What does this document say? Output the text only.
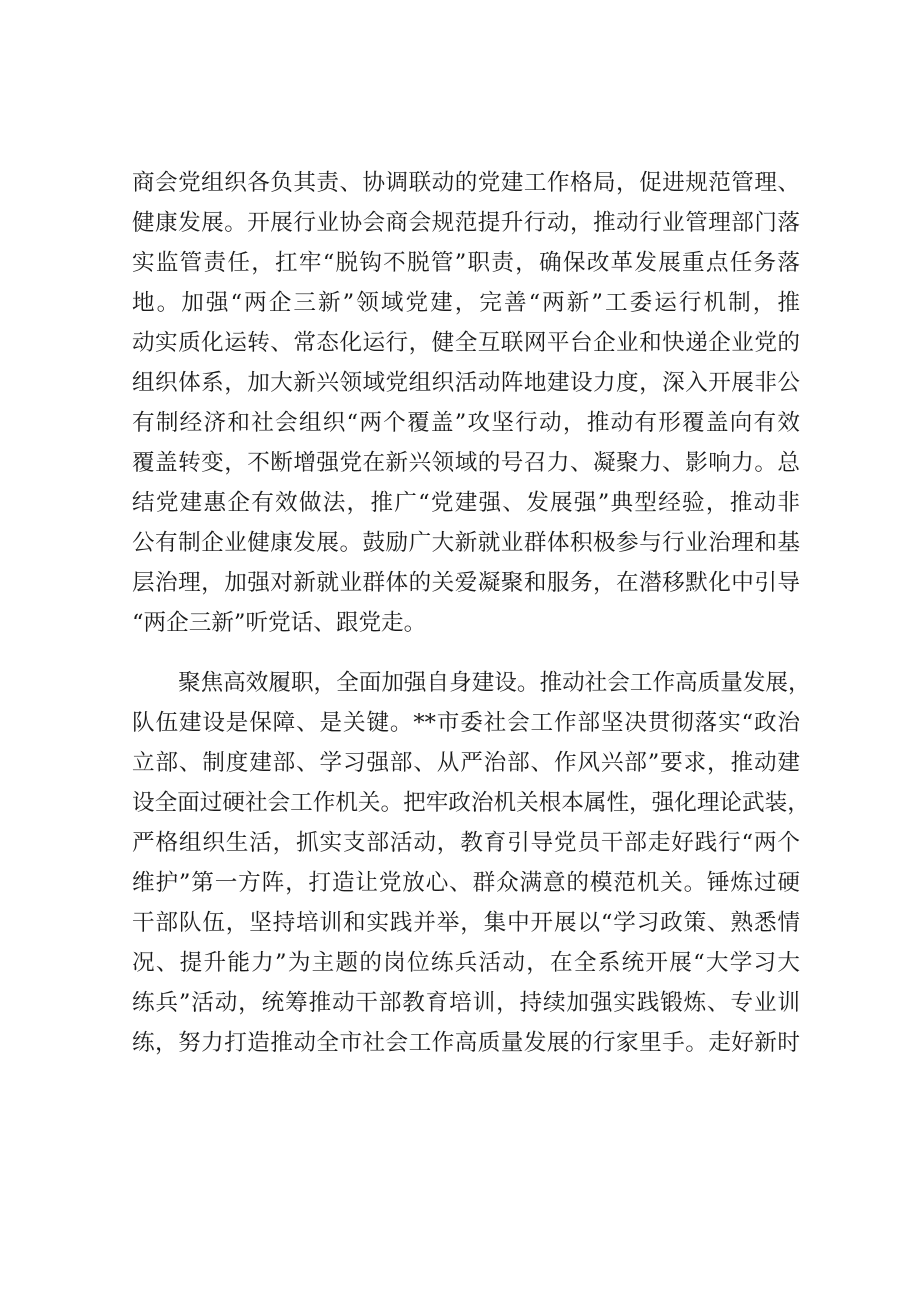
商会党组织各负其责、协调联动的党建工作格局，促进规范管理、
健康发展。开展行业协会商会规范提升行动，推动行业管理部门落
实监管责任，扛牢“脱钩不脱管”职责，确保改革发展重点任务落
地。加强“两企三新”领域党建，完善“两新”工委运行机制，推
动实质化运转、常态化运行，健全互联网平台企业和快递企业党的
组织体系，加大新兴领域党组织活动阵地建设力度，深入开展非公
有制经济和社会组织“两个覆盖”攻坚行动，推动有形覆盖向有效
覆盖转变，不断增强党在新兴领域的号召力、凝聚力、影响力。总
结党建惠企有效做法，推广“党建强、发展强”典型经验，推动非
公有制企业健康发展。鼓励广大新就业群体积极参与行业治理和基
层治理，加强对新就业群体的关爱凝聚和服务，在潜移默化中引导
“两企三新”听党话、跟党走。
聚焦高效履职，全面加强自身建设。推动社会工作高质量发展，
队伍建设是保障、是关键。**市委社会工作部坚决贯彻落实“政治
立部、制度建部、学习强部、从严治部、作风兴部”要求，推动建
设全面过硬社会工作机关。把牢政治机关根本属性，强化理论武装，
严格组织生活，抓实支部活动，教育引导党员干部走好践行“两个
维护”第一方阵，打造让党放心、群众满意的模范机关。锤炼过硬
干部队伍，坚持培训和实践并举，集中开展以“学习政策、熟悉情
况、提升能力”为主题的岗位练兵活动，在全系统开展“大学习大
练兵”活动，统筹推动干部教育培训，持续加强实践锻炼、专业训
练，努力打造推动全市社会工作高质量发展的行家里手。走好新时
